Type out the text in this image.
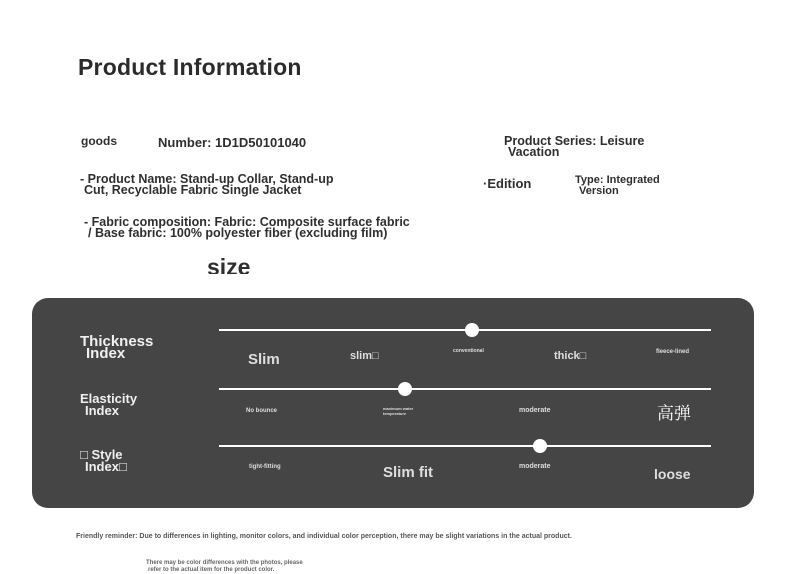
Product Information
goods	Number: 1D1D50101040	Product Series: Leisure
Vacation
- Product Name: Stand-up Collar, Stand-up
Cut, Recyclable Fabric Single Jacket	·Edition	Type: Integrated
Version
- Fabric composition: Fabric: Composite surface fabric
/ Base fabric: 100% polyester fiber (excluding film)
size
Thickness
Index	Slim	slim□	conventional	thick□	fleece-lined
Elasticity
Index	No bounce	maximum water temperature	moderate	高弹
□ Style
Index□	tight-fitting	Slim fit	moderate	loose
Friendly reminder: Due to differences in lighting, monitor colors, and individual color perception, there may be slight variations in the actual product.
There may be color differences with the photos, please
refer to the actual item for the product color.
